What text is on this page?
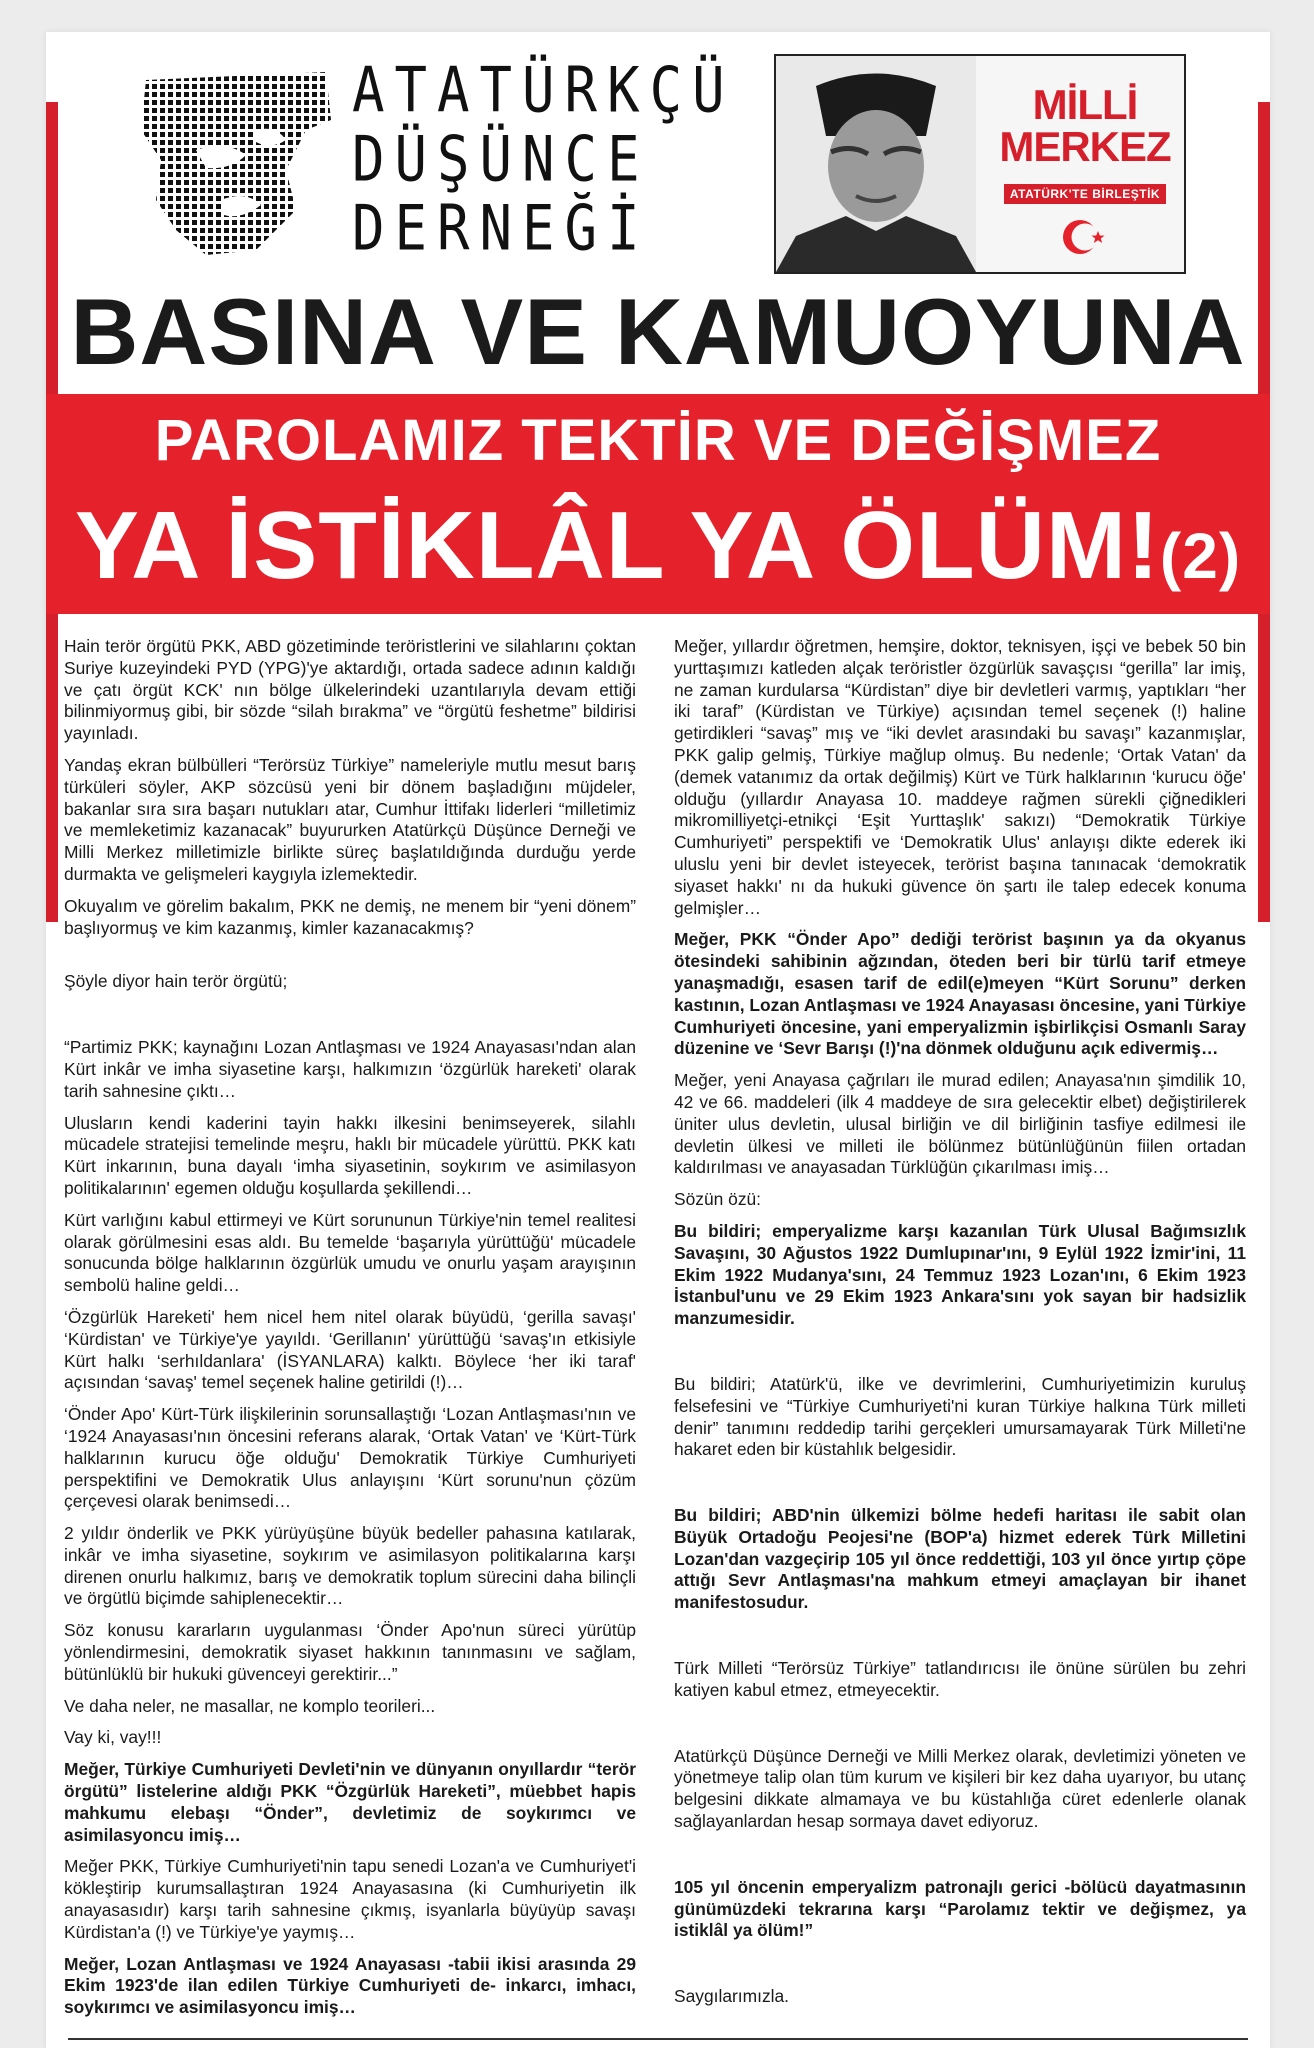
ATATÜRKÇÜ
DÜŞÜNCE
DERNEĞİ
MİLLİ
MERKEZ
ATATÜRK'TE BİRLEŞTİK
BASINA VE KAMUOYUNA
PAROLAMIZ TEKTİR VE DEĞİŞMEZ
YA İSTİKLÂL YA ÖLÜM!(2)

Hain terör örgütü PKK, ABD gözetiminde teröristlerini ve silahlarını çoktan Suriye kuzeyindeki PYD (YPG)'ye aktardığı, ortada sadece adının kaldığı ve çatı örgüt KCK' nın bölge ülkelerindeki uzantılarıyla devam ettiği bilinmiyormuş gibi, bir sözde “silah bırakma” ve “örgütü feshetme” bildirisi yayınladı.

Yandaş ekran bülbülleri “Terörsüz Türkiye” nameleriyle mutlu mesut barış türküleri söyler, AKP sözcüsü yeni bir dönem başladığını müjdeler, bakanlar sıra sıra başarı nutukları atar, Cumhur İttifakı liderleri “milletimiz ve memleketimiz kazanacak” buyururken Atatürkçü Düşünce Derneği ve Milli Merkez milletimizle birlikte süreç başlatıldığında durduğu yerde durmakta ve gelişmeleri kaygıyla izlemektedir.

Okuyalım ve görelim bakalım, PKK ne demiş, ne menem bir “yeni dönem” başlıyormuş ve kim kazanmış, kimler kazanacakmış?

Şöyle diyor hain terör örgütü;

“Partimiz PKK; kaynağını Lozan Antlaşması ve 1924 Anayasası'ndan alan Kürt inkâr ve imha siyasetine karşı, halkımızın ‘özgürlük hareketi' olarak tarih sahnesine çıktı…

Ulusların kendi kaderini tayin hakkı ilkesini benimseyerek, silahlı mücadele stratejisi temelinde meşru, haklı bir mücadele yürüttü. PKK katı Kürt inkarının, buna dayalı ‘imha siyasetinin, soykırım ve asimilasyon politikalarının' egemen olduğu koşullarda şekillendi…

Kürt varlığını kabul ettirmeyi ve Kürt sorununun Türkiye'nin temel realitesi olarak görülmesini esas aldı. Bu temelde ‘başarıyla yürüttüğü' mücadele sonucunda bölge halklarının özgürlük umudu ve onurlu yaşam arayışının sembolü haline geldi…

‘Özgürlük Hareketi' hem nicel hem nitel olarak büyüdü, ‘gerilla savaşı' ‘Kürdistan' ve Türkiye'ye yayıldı. ‘Gerillanın' yürüttüğü ‘savaş'ın etkisiyle Kürt halkı ‘serhıldanlara' (İSYANLARA) kalktı. Böylece ‘her iki taraf' açısından ‘savaş' temel seçenek haline getirildi (!)…

‘Önder Apo' Kürt-Türk ilişkilerinin sorunsallaştığı ‘Lozan Antlaşması'nın ve ‘1924 Anayasası'nın öncesini referans alarak, ‘Ortak Vatan' ve ‘Kürt-Türk halklarının kurucu öğe olduğu' Demokratik Türkiye Cumhuriyeti perspektifini ve Demokratik Ulus anlayışını ‘Kürt sorunu'nun çözüm çerçevesi olarak benimsedi…

2 yıldır önderlik ve PKK yürüyüşüne büyük bedeller pahasına katılarak, inkâr ve imha siyasetine, soykırım ve asimilasyon politikalarına karşı direnen onurlu halkımız, barış ve demokratik toplum sürecini daha bilinçli ve örgütlü biçimde sahiplenecektir…

Söz konusu kararların uygulanması ‘Önder Apo'nun süreci yürütüp yönlendirmesini, demokratik siyaset hakkının tanınmasını ve sağlam, bütünlüklü bir hukuki güvenceyi gerektirir...”

Ve daha neler, ne masallar, ne komplo teorileri...

Vay ki, vay!!!

Meğer, Türkiye Cumhuriyeti Devleti'nin ve dünyanın onyıllardır “terör örgütü” listelerine aldığı PKK “Özgürlük Hareketi”, müebbet hapis mahkumu elebaşı “Önder”, devletimiz de soykırımcı ve asimilasyoncu imiş…

Meğer PKK, Türkiye Cumhuriyeti'nin tapu senedi Lozan'a ve Cumhuriyet'i kökleştirip kurumsallaştıran 1924 Anayasasına (ki Cumhuriyetin ilk anayasasıdır) karşı tarih sahnesine çıkmış, isyanlarla büyüyüp savaşı Kürdistan'a (!) ve Türkiye'ye yaymış…

Meğer, Lozan Antlaşması ve 1924 Anayasası -tabii ikisi arasında 29 Ekim 1923'de ilan edilen Türkiye Cumhuriyeti de- inkarcı, imhacı, soykırımcı ve asimilasyoncu imiş…

Meğer, yıllardır öğretmen, hemşire, doktor, teknisyen, işçi ve bebek 50 bin yurttaşımızı katleden alçak teröristler özgürlük savaşçısı “gerilla” lar imiş, ne zaman kurdularsa “Kürdistan” diye bir devletleri varmış, yaptıkları “her iki taraf” (Kürdistan ve Türkiye) açısından temel seçenek (!) haline getirdikleri “savaş” mış ve “iki devlet arasındaki bu savaşı” kazanmışlar, PKK galip gelmiş, Türkiye mağlup olmuş. Bu nedenle; ‘Ortak Vatan' da (demek vatanımız da ortak değilmiş) Kürt ve Türk halklarının ‘kurucu öğe' olduğu (yıllardır Anayasa 10. maddeye rağmen sürekli çiğnedikleri mikromilliyetçi-etnikçi ‘Eşit Yurttaşlık' sakızı) “Demokratik Türkiye Cumhuriyeti” perspektifi ve ‘Demokratik Ulus' anlayışı dikte ederek iki uluslu yeni bir devlet isteyecek, terörist başına tanınacak ‘demokratik siyaset hakkı' nı da hukuki güvence ön şartı ile talep edecek konuma gelmişler…

Meğer, PKK “Önder Apo” dediği terörist başının ya da okyanus ötesindeki sahibinin ağzından, öteden beri bir türlü tarif etmeye yanaşmadığı, esasen tarif de edil(e)meyen “Kürt Sorunu” derken kastının, Lozan Antlaşması ve 1924 Anayasası öncesine, yani Türkiye Cumhuriyeti öncesine, yani emperyalizmin işbirlikçisi Osmanlı Saray düzenine ve ‘Sevr Barışı (!)'na dönmek olduğunu açık edivermiş…

Meğer, yeni Anayasa çağrıları ile murad edilen; Anayasa'nın şimdilik 10, 42 ve 66. maddeleri (ilk 4 maddeye de sıra gelecektir elbet) değiştirilerek üniter ulus devletin, ulusal birliğin ve dil birliğinin tasfiye edilmesi ile devletin ülkesi ve milleti ile bölünmez bütünlüğünün fiilen ortadan kaldırılması ve anayasadan Türklüğün çıkarılması imiş…

Sözün özü:

Bu bildiri; emperyalizme karşı kazanılan Türk Ulusal Bağımsızlık Savaşını, 30 Ağustos 1922 Dumlupınar'ını, 9 Eylül 1922 İzmir'ini, 11 Ekim 1922 Mudanya'sını, 24 Temmuz 1923 Lozan'ını, 6 Ekim 1923 İstanbul'unu ve 29 Ekim 1923 Ankara'sını yok sayan bir hadsizlik manzumesidir.

Bu bildiri; Atatürk'ü, ilke ve devrimlerini, Cumhuriyetimizin kuruluş felsefesini ve “Türkiye Cumhuriyeti'ni kuran Türkiye halkına Türk milleti denir” tanımını reddedip tarihi gerçekleri umursamayarak Türk Milleti'ne hakaret eden bir küstahlık belgesidir.

Bu bildiri; ABD'nin ülkemizi bölme hedefi haritası ile sabit olan Büyük Ortadoğu Peojesi'ne (BOP'a) hizmet ederek Türk Milletini Lozan'dan vazgeçirip 105 yıl önce reddettiği, 103 yıl önce yırtıp çöpe attığı Sevr Antlaşması'na mahkum etmeyi amaçlayan bir ihanet manifestosudur.

Türk Milleti “Terörsüz Türkiye” tatlandırıcısı ile önüne sürülen bu zehri katiyen kabul etmez, etmeyecektir.

Atatürkçü Düşünce Derneği ve Milli Merkez olarak, devletimizi yöneten ve yönetmeye talip olan tüm kurum ve kişileri bir kez daha uyarıyor, bu utanç belgesini dikkate almamaya ve bu küstahlığa cüret edenlerle olanak sağlayanlardan hesap sormaya davet ediyoruz.

105 yıl öncenin emperyalizm patronajlı gerici -bölücü dayatmasının günümüzdeki tekrarına karşı “Parolamız tektir ve değişmez, ya istiklâl ya ölüm!”

Saygılarımızla.
